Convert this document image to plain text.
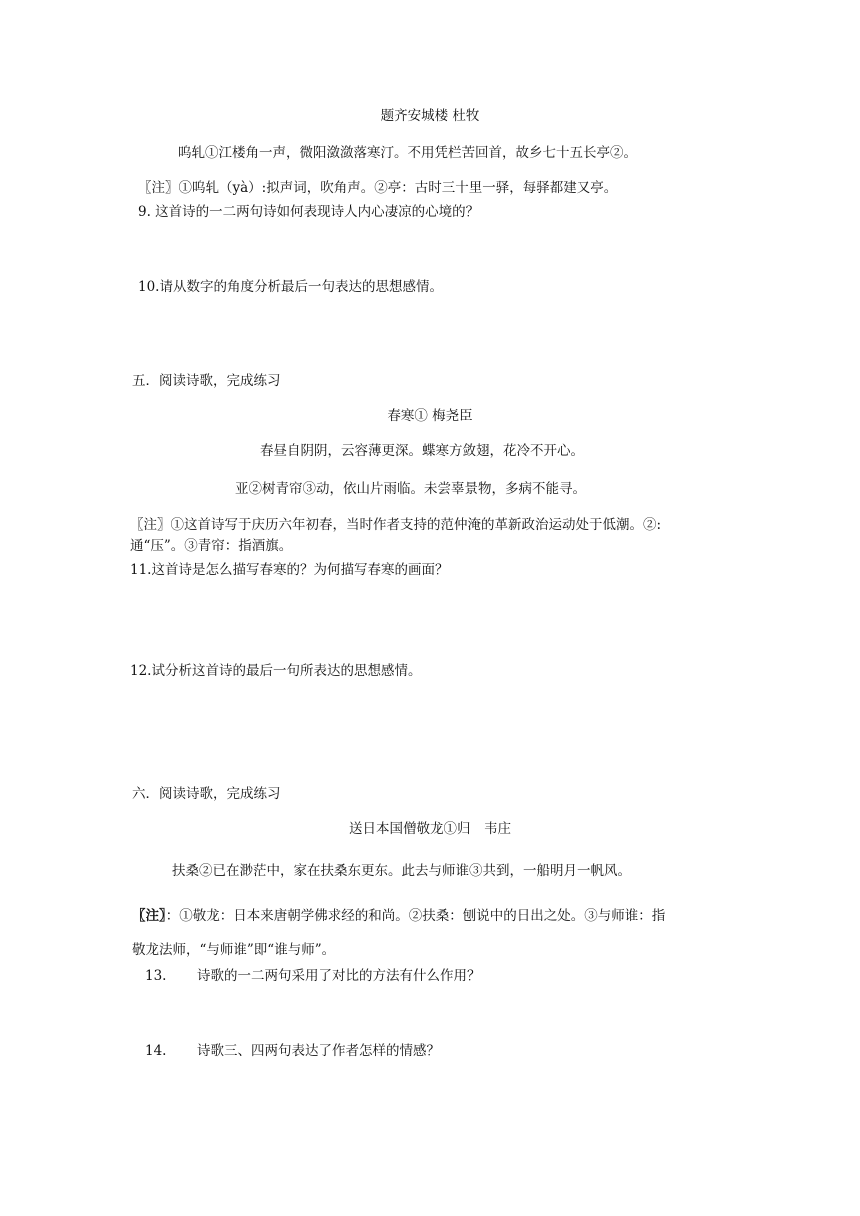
题齐安城楼 杜牧
呜轧①江楼角一声，微阳潋潋落寒汀。不用凭栏苦回首，故乡七十五长亭②。
〖注〗①呜轧（yà）:拟声词，吹角声。②亭：古时三十里一驿，每驿都建又亭。
9. 这首诗的一二两句诗如何表现诗人内心凄凉的心境的？
10.请从数字的角度分析最后一句表达的思想感情。
五．阅读诗歌，完成练习
春寒① 梅尧臣
春昼自阴阴，云容薄更深。蝶寒方敛翅，花冷不开心。
亚②树青帘③动，依山片雨临。未尝辜景物，多病不能寻。
〖注〗①这首诗写于庆历六年初春，当时作者支持的范仲淹的革新政治运动处于低潮。②:
通“压”。③青帘：指酒旗。
11.这首诗是怎么描写春寒的？为何描写春寒的画面？
12.试分析这首诗的最后一句所表达的思想感情。
六．阅读诗歌，完成练习
送日本国僧敬龙①归　韦庄
扶桑②已在渺茫中，家在扶桑东更东。此去与师谁③共到，一船明月一帆风。
〖注〗：①敬龙：日本来唐朝学佛求经的和尚。②扶桑：刨说中的日出之处。③与师谁：指
敬龙法师，“与师谁”即“谁与师”。
13. 诗歌的一二两句采用了对比的方法有什么作用？
14. 诗歌三、四两句表达了作者怎样的情感？
